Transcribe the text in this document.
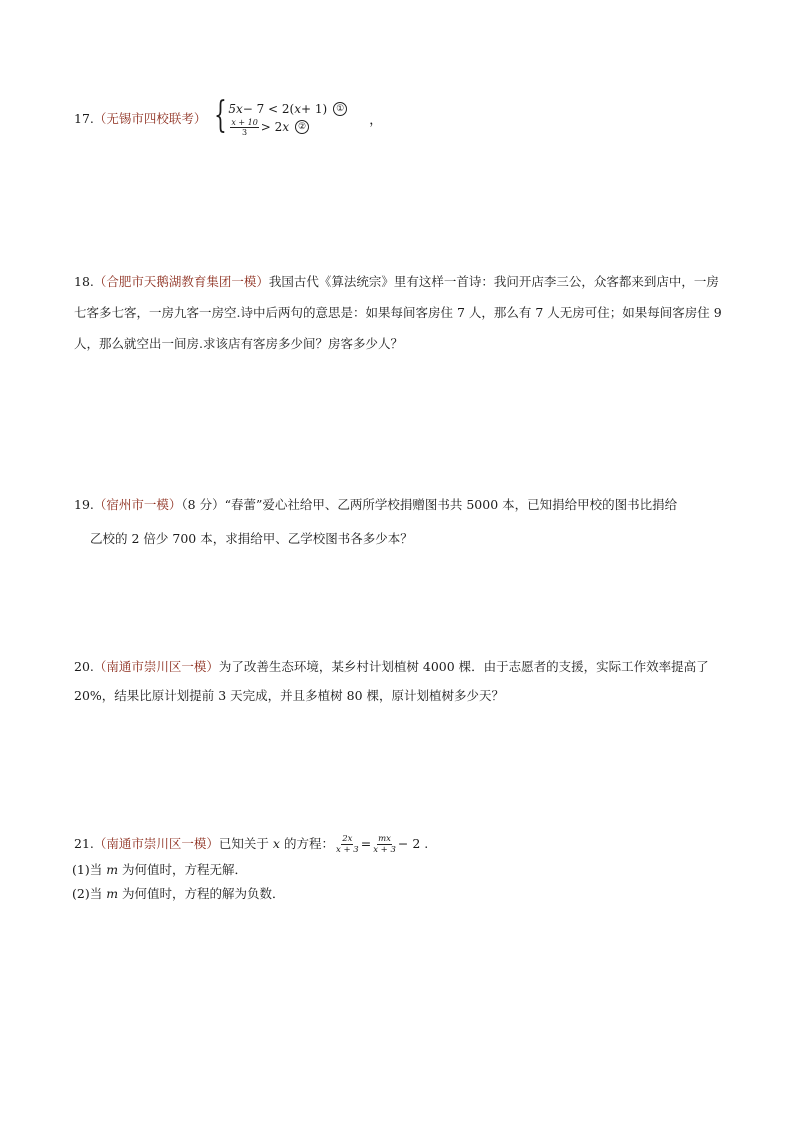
17. （无锡市四校联考） { 5x − 7 < 2( x + 1) ①
$\frac{x + 10}{3} > 2$ x ②	，
18.（合肥市天鹅湖教育集团一模）我国古代《算法统宗》里有这样一首诗：我问开店李三公，众客都来到店中，一房七客多七客，一房九客一房空.诗中后两句的意思是：如果每间客房住 7 人，那么有 7 人无房可住；如果每间客房住 9 人，那么就空出一间房.求该店有客房多少间？房客多少人？
19.（宿州市一模）（8 分）“春蕾”爱心社给甲、乙两所学校捐赠图书共 5000 本，已知捐给甲校的图书比捐给
乙校的 2 倍少 700 本，求捐给甲、乙学校图书各多少本？
20.（南通市崇川区一模）为了改善生态环境，某乡村计划植树 4000 棵．由于志愿者的支援，实际工作效率提高了20%，结果比原计划提前 3 天完成，并且多植树 80 棵，原计划植树多少天？
21. （南通市崇川区一模） 已知关于
x
的方程： $\frac{2x}{x + 3} = \frac{mx}{x + 3} - 2$ .
(1)当 m 为何值时，方程无解．
(2)当 m 为何值时，方程的解为负数．
